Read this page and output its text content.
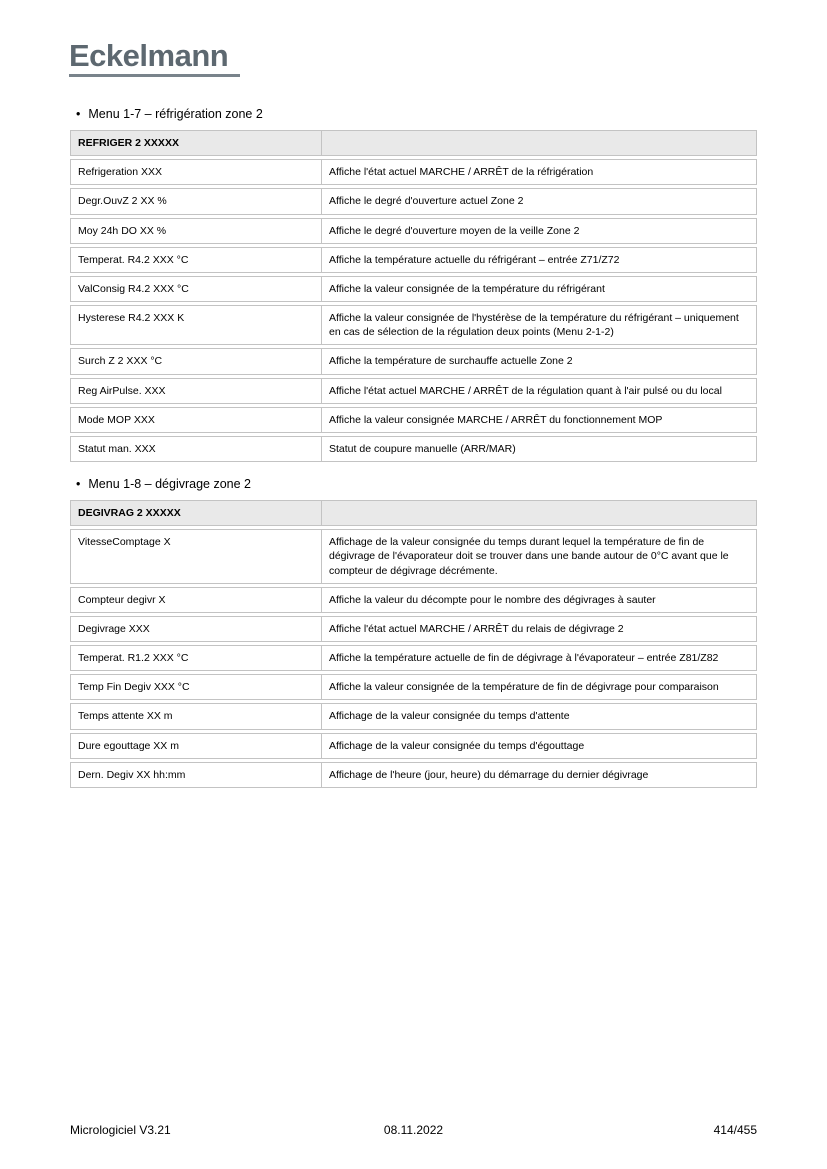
Eckelmann
• Menu 1-7 – réfrigération zone 2
REFRIGER 2 XXXXX	
Refrigeration XXX	Affiche l'état actuel MARCHE / ARRÊT de la réfrigération
Degr.OuvZ 2 XX %	Affiche le degré d'ouverture actuel Zone 2
Moy 24h DO XX %	Affiche le degré d'ouverture moyen de la veille Zone 2
Temperat. R4.2 XXX °C	Affiche la température actuelle du réfrigérant – entrée Z71/Z72
ValConsig R4.2 XXX °C	Affiche la valeur consignée de la température du réfrigérant
Hysterese R4.2 XXX K	Affiche la valeur consignée de l'hystérèse de la température du réfrigérant – uniquement en cas de sélection de la régulation deux points (Menu 2-1-2)
Surch Z 2 XXX °C	Affiche la température de surchauffe actuelle Zone 2
Reg AirPulse. XXX	Affiche l'état actuel MARCHE / ARRÊT de la régulation quant à l'air pulsé ou du local
Mode MOP XXX	Affiche la valeur consignée MARCHE / ARRÊT du fonctionnement MOP
Statut man. XXX	Statut de coupure manuelle (ARR/MAR)
• Menu 1-8 – dégivrage zone 2
DEGIVRAG 2 XXXXX	
VitesseComptage X	Affichage de la valeur consignée du temps durant lequel la température de fin de dégivrage de l'évaporateur doit se trouver dans une bande autour de 0°C avant que le compteur de dégivrage décrémente.
Compteur degivr X	Affiche la valeur du décompte pour le nombre des dégivrages à sauter
Degivrage XXX	Affiche l'état actuel MARCHE / ARRÊT du relais de dégivrage 2
Temperat. R1.2 XXX °C	Affiche la température actuelle de fin de dégivrage à l'évaporateur – entrée Z81/Z82
Temp Fin Degiv XXX °C	Affiche la valeur consignée de la température de fin de dégivrage pour comparaison
Temps attente XX m	Affichage de la valeur consignée du temps d'attente
Dure egouttage XX m	Affichage de la valeur consignée du temps d'égouttage
Dern. Degiv XX hh:mm	Affichage de l'heure (jour, heure) du démarrage du dernier dégivrage
Micrologiciel V3.21	08.11.2022	414/455
